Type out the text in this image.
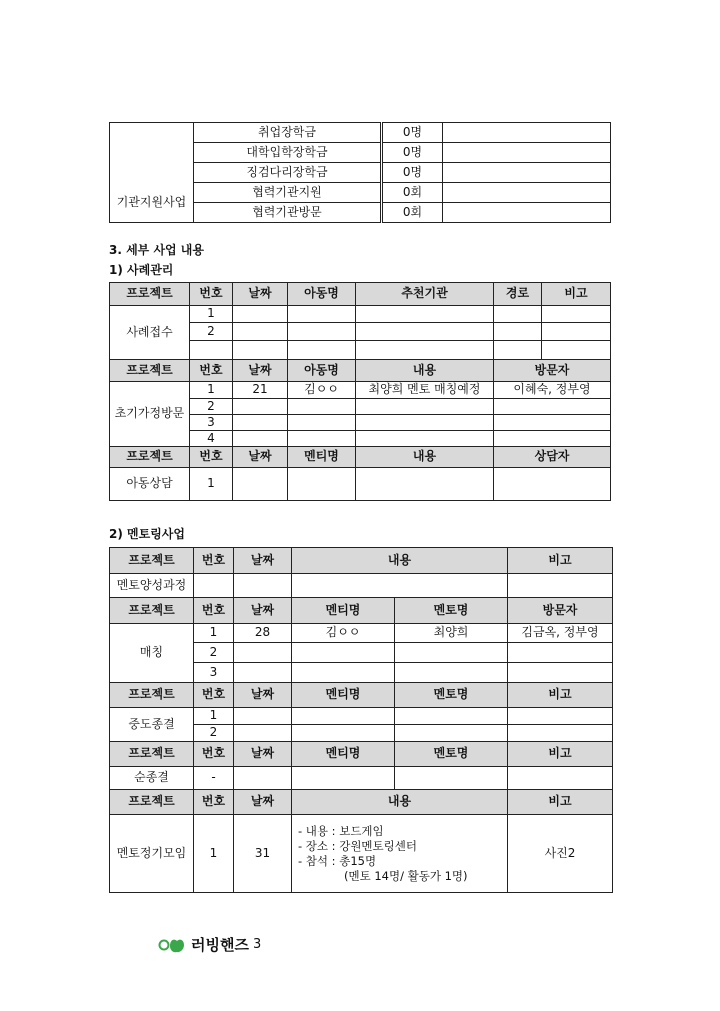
	취업장학금	0명	
	대학입학장학금	0명	
	징검다리장학금	0명	
기관지원사업	협력기관지원	0회	
	협력기관방문	0회	
3. 세부 사업 내용
1) 사례관리
프로젝트	번호	날짜	아동명	추천기관	경로	비고
사례접수	1					
	2					

프로젝트	번호	날짜	아동명	내용	방문자	
초기가정방문	1	21	김ㅇㅇ	최양희 멘토 매칭예정	이혜숙, 정부영	
	2					
	3					
	4					
프로젝트	번호	날짜	멘티명	내용	상담자	
아동상담	1					
2) 멘토링사업
프로젝트	번호	날짜	내용		비고
멘토양성과정					
프로젝트	번호	날짜	멘티명	멘토명	방문자
매칭	1	28	김ㅇㅇ	최양희	김금옥, 정부영
	2				
	3				
프로젝트	번호	날짜	멘티명	멘토명	비고
중도종결	1				
	2				
프로젝트	번호	날짜	멘티명	멘토명	비고
순종결	-				
프로젝트	번호	날짜	내용		비고
멘토정기모임	1	31	- 내용 : 보드게임
- 장소 : 강원멘토링센터
- 참석 : 총15명
(멘토 14명/ 활동가 1명)		사진2
러빙핸즈 3
